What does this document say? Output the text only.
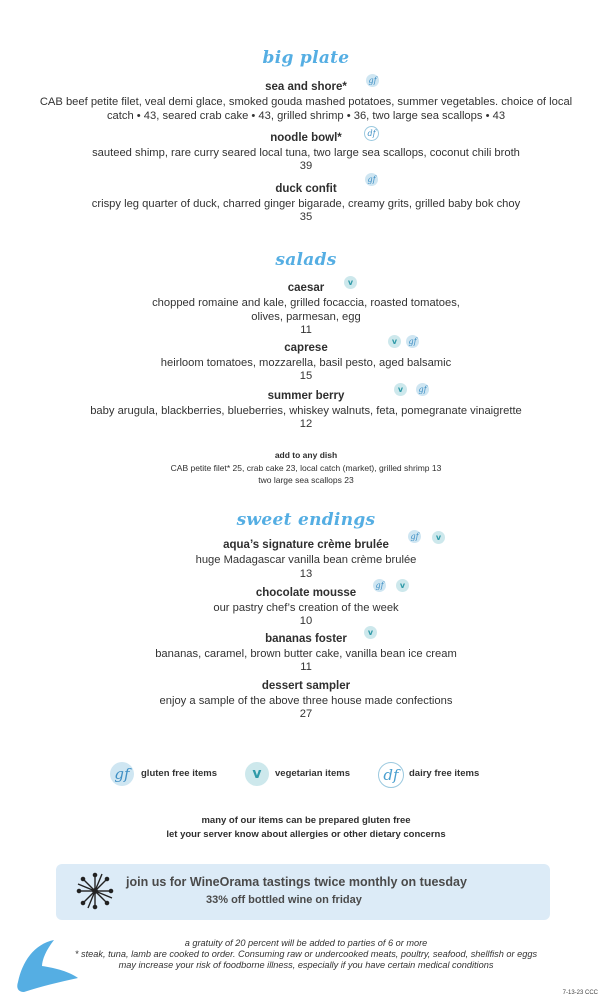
big plate
sea and shore*
gf
CAB beef petite filet, veal demi glace, smoked gouda mashed potatoes, summer vegetables. choice of local
catch • 43, seared crab cake • 43, grilled shrimp • 36, two large sea scallops • 43
noodle bowl*	df
sauteed shimp, rare curry seared local tuna, two large sea scallops, coconut chili broth
39
duck confit
gf
crispy leg quarter of duck, charred ginger bigarade, creamy grits, grilled baby bok choy
35
salads
caesar	v
chopped romaine and kale, grilled focaccia, roasted tomatoes,
olives, parmesan, egg
11
caprese
v	gf
heirloom tomatoes, mozzarella, basil pesto, aged balsamic
15
summer berry
v	gf
baby arugula, blackberries, blueberries, whiskey walnuts, feta, pomegranate vinaigrette
12
add to any dish
CAB petite filet* 25, crab cake 23, local catch (market), grilled shrimp 13
two large sea scallops 23
sweet endings
aqua’s signature crème brulée
gf	v
huge Madagascar vanilla bean crème brulée
13
chocolate mousse
gf	v
our pastry chef’s creation of the week
10
bananas foster
v
bananas, caramel, brown butter cake, vanilla bean ice cream
11
dessert sampler
enjoy a sample of the above three house made confections
27
gf	gluten free items	v	vegetarian items	df	dairy free items
many of our items can be prepared gluten free
let your server know about allergies or other dietary concerns
join us for WineOrama tastings twice monthly on tuesday
33% off bottled wine on friday
a gratuity of 20 percent will be added to parties of 6 or more
* steak, tuna, lamb are cooked to order. Consuming raw or undercooked meats, poultry, seafood, shellfish or eggs
may increase your risk of foodborne illness, especially if you have certain medical conditions
7-13-23 CCC
